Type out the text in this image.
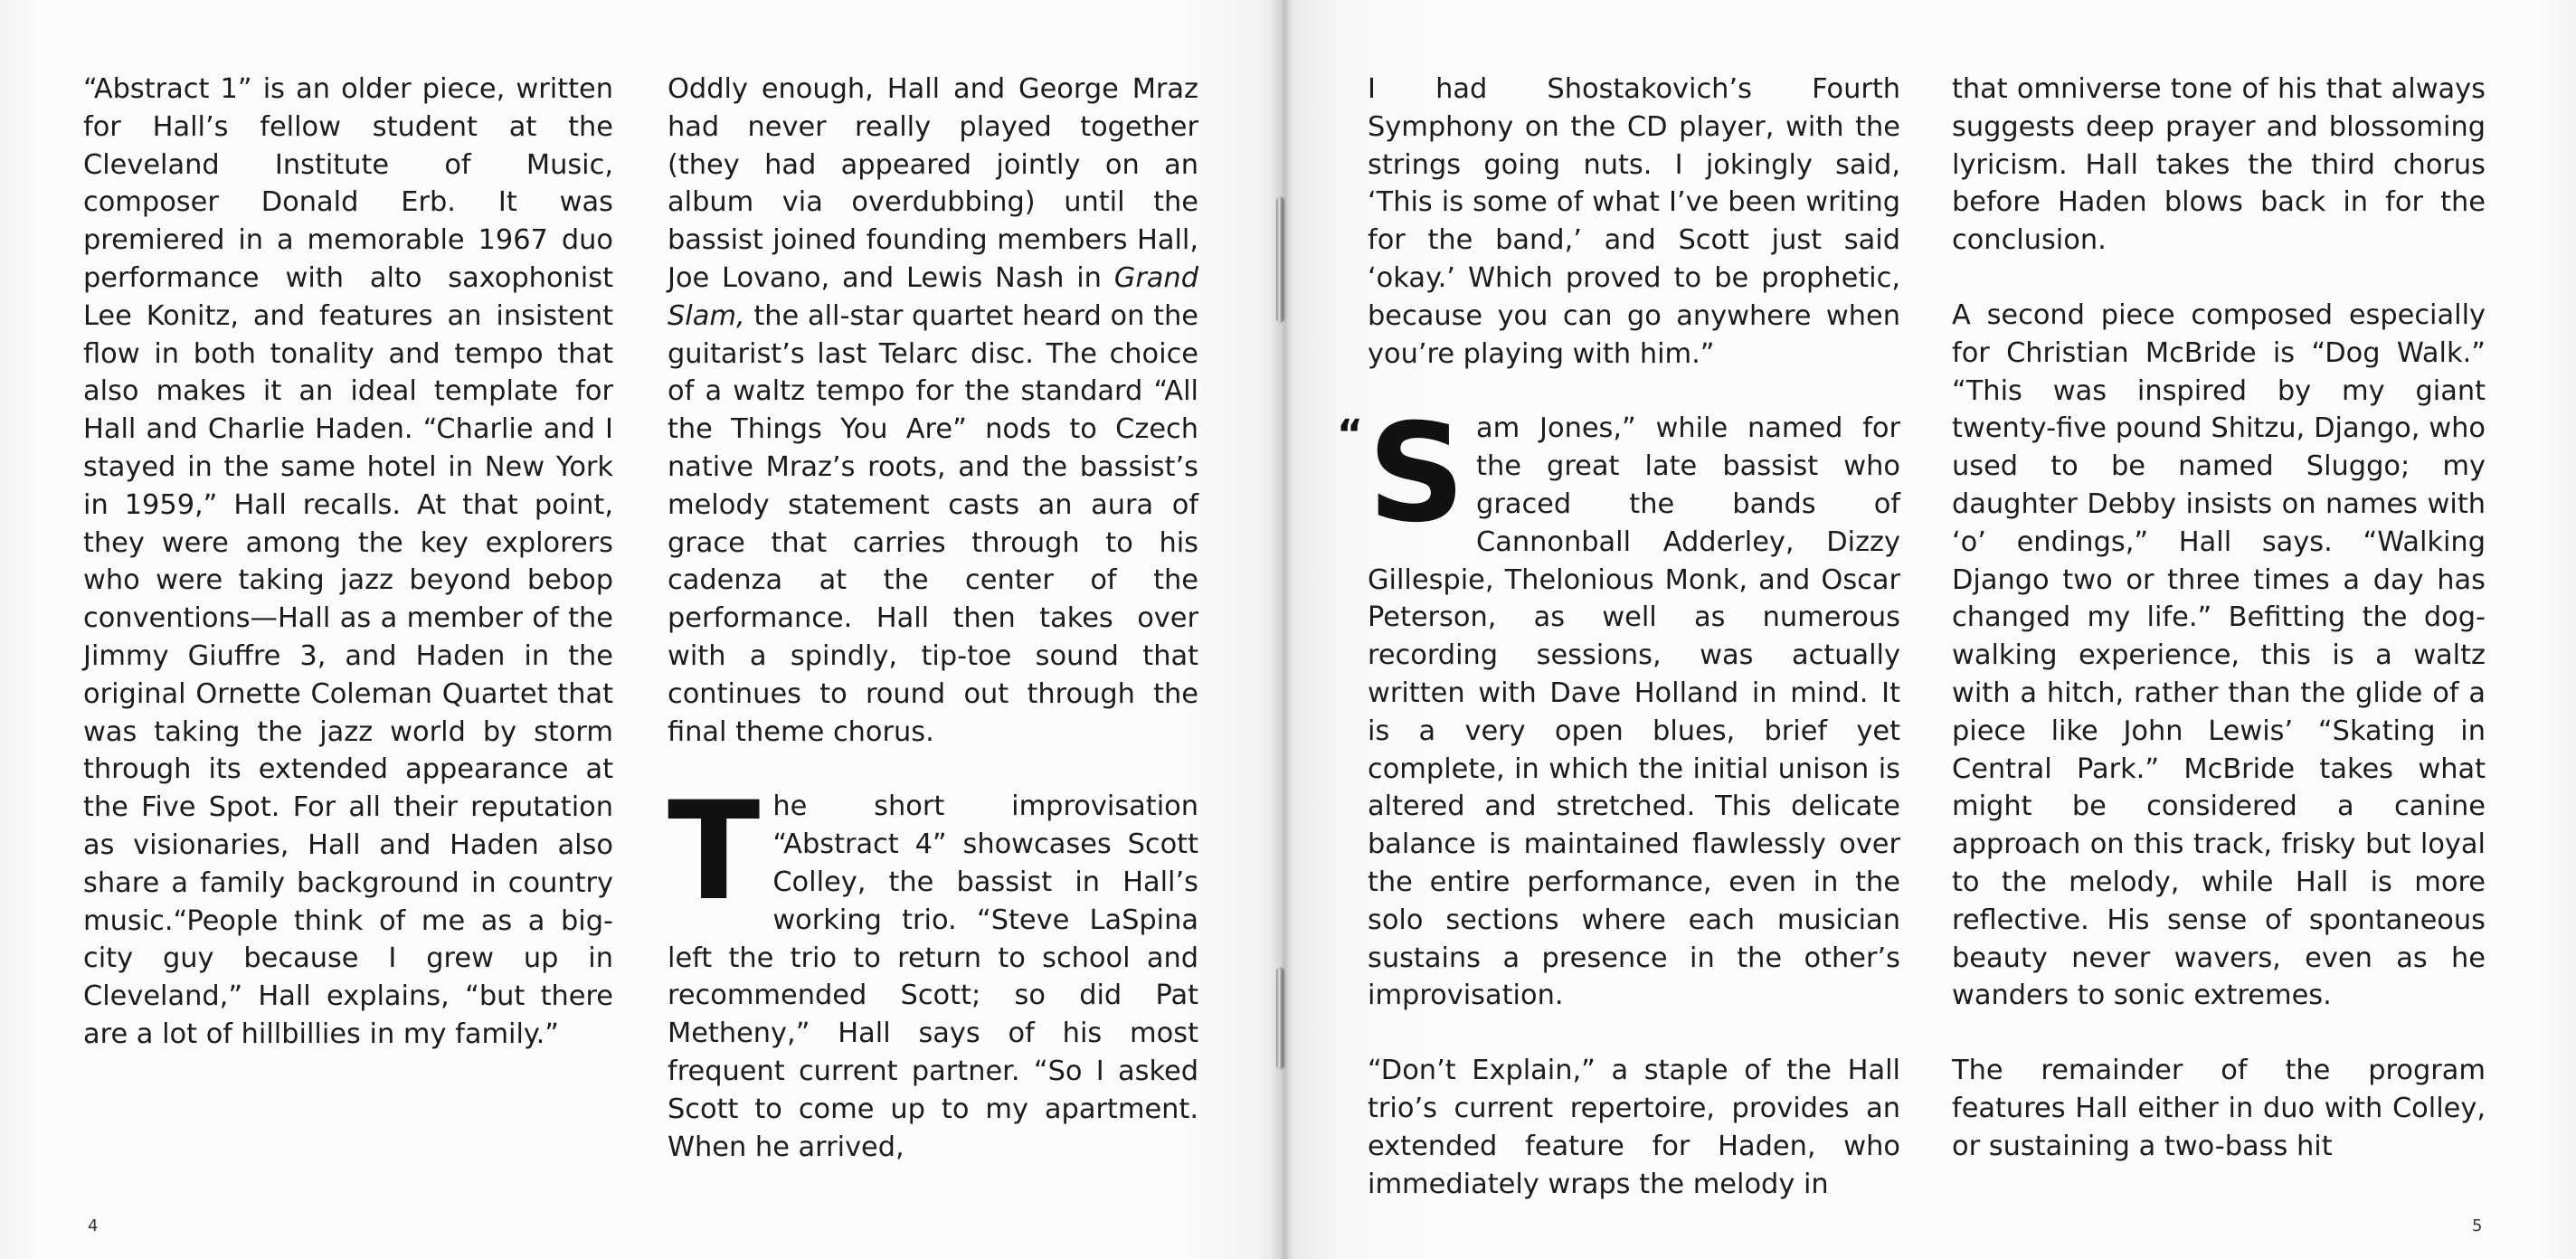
“Abstract 1” is an older piece, written for Hall’s fellow student at the Cleveland Institute of Music, composer Donald Erb. It was premiered in a memorable 1967 duo performance with alto saxophonist Lee Konitz, and features an insistent flow in both tonality and tempo that also makes it an ideal template for Hall and Charlie Haden. “Charlie and I stayed in the same hotel in New York in 1959,” Hall recalls. At that point, they were among the key explorers who were taking jazz beyond bebop conventions—Hall as a member of the Jimmy Giuffre 3, and Haden in the original Ornette Coleman Quartet that was taking the jazz world by storm through its extended appearance at the Five Spot. For all their reputation as visionaries, Hall and Haden also share a family background in country music.“People think of me as a big-city guy because I grew up in Cleveland,” Hall explains, “but there are a lot of hillbillies in my family.”

Oddly enough, Hall and George Mraz had never really played together (they had appeared jointly on an album via overdubbing) until the bassist joined founding members Hall, Joe Lovano, and Lewis Nash in Grand Slam, the all-star quartet heard on the guitarist’s last Telarc disc. The choice of a waltz tempo for the standard “All the Things You Are” nods to Czech native Mraz’s roots, and the bassist’s melody statement casts an aura of grace that carries through to his cadenza at the center of the performance. Hall then takes over with a spindly, tip-toe sound that continues to round out through the final theme chorus.

The short improvisation “Abstract 4” showcases Scott Colley, the bassist in Hall’s working trio. “Steve LaSpina left the trio to return to school and recommended Scott; so did Pat Metheny,” Hall says of his most frequent current partner. “So I asked Scott to come up to my apartment. When he arrived,

4

I had Shostakovich’s Fourth Symphony on the CD player, with the strings going nuts. I jokingly said, ‘This is some of what I’ve been writing for the band,’ and Scott just said ‘okay.’ Which proved to be prophetic, because you can go anywhere when you’re playing with him.”

“ S am Jones,” while named for the great late bassist who graced the bands of Cannonball Adderley, Dizzy Gillespie, Thelonious Monk, and Oscar Peterson, as well as numerous recording sessions, was actually written with Dave Holland in mind. It is a very open blues, brief yet complete, in which the initial unison is altered and stretched. This delicate balance is maintained flawlessly over the entire performance, even in the solo sections where each musician sustains a presence in the other’s improvisation.

“Don’t Explain,” a staple of the Hall trio’s current repertoire, provides an extended feature for Haden, who immediately wraps the melody in

that omniverse tone of his that always suggests deep prayer and blossoming lyricism. Hall takes the third chorus before Haden blows back in for the conclusion.

A second piece composed especially for Christian McBride is “Dog Walk.” “This was inspired by my giant twenty-five pound Shitzu, Django, who used to be named Sluggo; my daughter Debby insists on names with ‘o’ endings,” Hall says. “Walking Django two or three times a day has changed my life.” Befitting the dog-walking experience, this is a waltz with a hitch, rather than the glide of a piece like John Lewis’ “Skating in Central Park.” McBride takes what might be considered a canine approach on this track, frisky but loyal to the melody, while Hall is more reflective. His sense of spontaneous beauty never wavers, even as he wanders to sonic extremes.

The remainder of the program features Hall either in duo with Colley, or sustaining a two-bass hit

5
